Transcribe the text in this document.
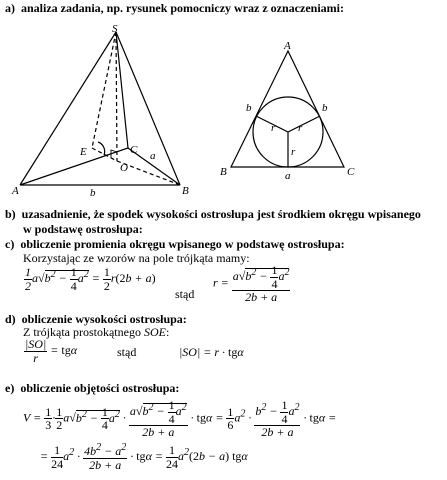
a) analiza zadania, np. rysunek pomocniczy wraz z oznaczeniami:
S
A	B
C
E
O
a
b
A
B	C
a
b	b
r r
r
b) uzasadnienie, że spodek wysokości ostrosłupa jest środkiem okręgu wpisanego
w podstawę ostrosłupa:
c) obliczenie promienia okręgu wpisanego w podstawę ostrosłupa:
Korzystając ze wzorów na pole trójkąta mamy:
$\frac{1}{2} a√b^2 - \frac{1}{4} a^2 = \frac{1}{2} r(2b + a)$
stąd
$r = \frac{a√b^2 - \frac{1}{4} a^2}{2b + a}$
d) obliczenie wysokości ostrosłupa:
Z trójkąta prostokątnego SOE:
$\frac{|SO|}{r} = tg\alpha$	stąd	|SO| = r · tgα
e) obliczenie objętości ostrosłupa:
$V = \frac{1}{3} \cdot \frac{1}{2} a√b^2 - \frac{1}{4} a^2 \cdot \frac{a√b^2 - \frac{1}{4} a^2}{2b + a} \cdot tg\alpha = \frac{1}{6} a^2 \cdot \frac{b^2 - \frac{1}{4} a^2}{2b + a} \cdot tg\alpha$ =
= $\frac{1}{24} a^2 \cdot \frac{4b^2 - a^2}{2b + a} \cdot tg\alpha = \frac{1}{24} a^2(2b - a)$ tgα
